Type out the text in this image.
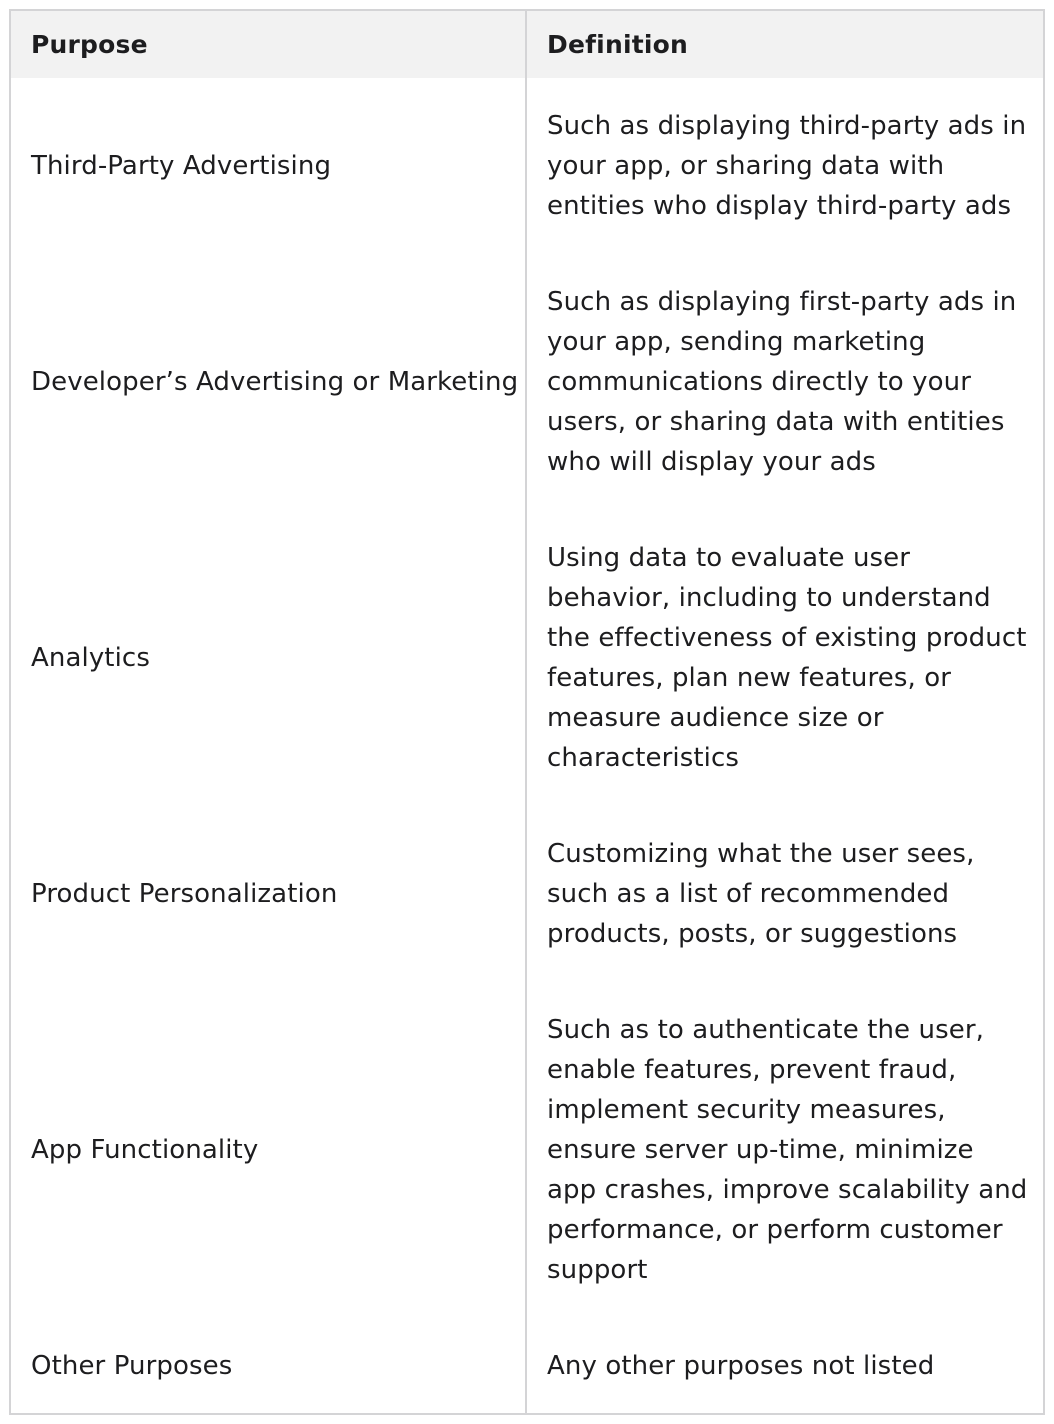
Purpose	Definition
Third-Party Advertising	Such as displaying third-party ads in your app, or sharing data with entities who display third-party ads
Developer’s Advertising or Marketing	Such as displaying first-party ads in your app, sending marketing communications directly to your users, or sharing data with entities who will display your ads
Analytics	Using data to evaluate user behavior, including to understand the effectiveness of existing product features, plan new features, or measure audience size or characteristics
Product Personalization	Customizing what the user sees, such as a list of recommended products, posts, or suggestions
App Functionality	Such as to authenticate the user, enable features, prevent fraud, implement security measures, ensure server up-time, minimize app crashes, improve scalability and performance, or perform customer support
Other Purposes	Any other purposes not listed
